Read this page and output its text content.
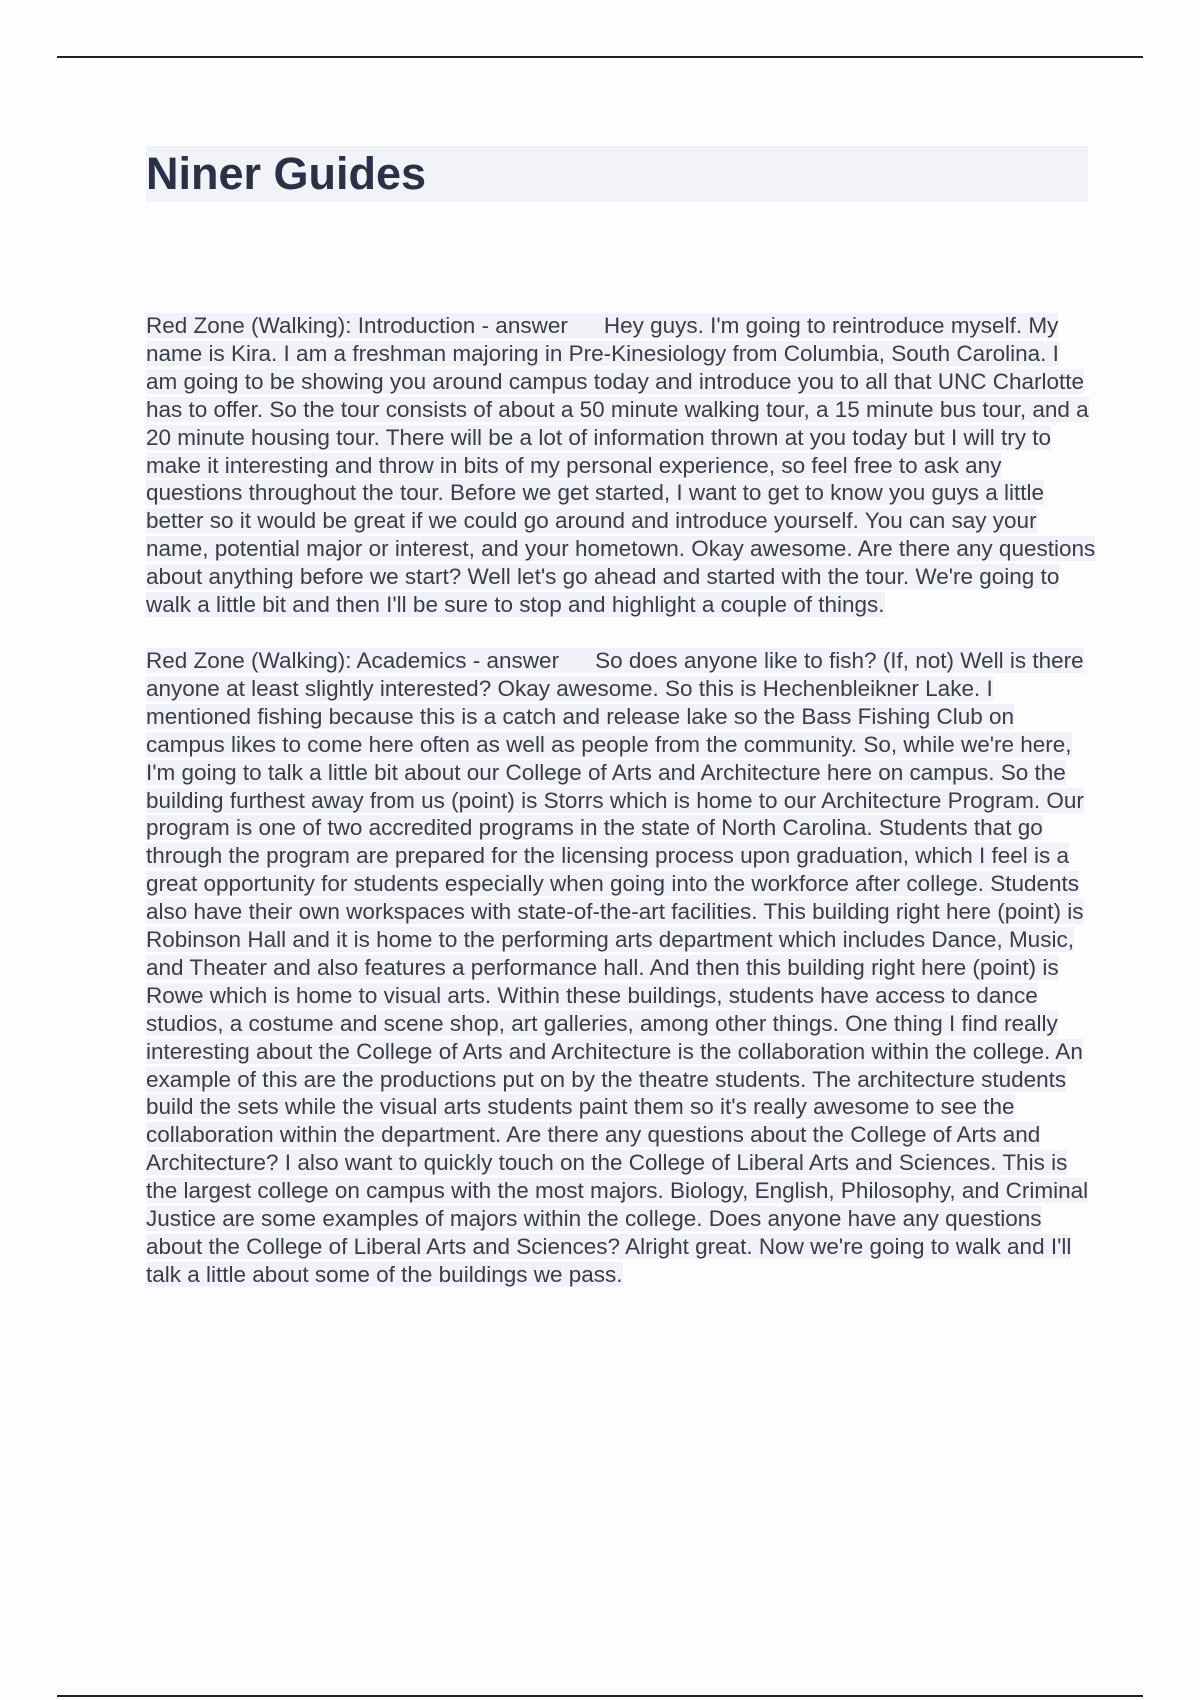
Niner Guides

Red Zone (Walking): Introduction - answer Hey guys. I'm going to reintroduce myself. My name is Kira. I am a freshman majoring in Pre-Kinesiology from Columbia, South Carolina. I am going to be showing you around campus today and introduce you to all that UNC Charlotte has to offer. So the tour consists of about a 50 minute walking tour, a 15 minute bus tour, and a 20 minute housing tour. There will be a lot of information thrown at you today but I will try to make it interesting and throw in bits of my personal experience, so feel free to ask any questions throughout the tour. Before we get started, I want to get to know you guys a little better so it would be great if we could go around and introduce yourself. You can say your name, potential major or interest, and your hometown. Okay awesome. Are there any questions about anything before we start? Well let's go ahead and started with the tour. We're going to walk a little bit and then I'll be sure to stop and highlight a couple of things.

Red Zone (Walking): Academics - answer So does anyone like to fish? (If, not) Well is there anyone at least slightly interested? Okay awesome. So this is Hechenbleikner Lake. I mentioned fishing because this is a catch and release lake so the Bass Fishing Club on campus likes to come here often as well as people from the community. So, while we're here, I'm going to talk a little bit about our College of Arts and Architecture here on campus. So the building furthest away from us (point) is Storrs which is home to our Architecture Program. Our program is one of two accredited programs in the state of North Carolina. Students that go through the program are prepared for the licensing process upon graduation, which I feel is a great opportunity for students especially when going into the workforce after college. Students also have their own workspaces with state-of-the-art facilities. This building right here (point) is Robinson Hall and it is home to the performing arts department which includes Dance, Music, and Theater and also features a performance hall. And then this building right here (point) is Rowe which is home to visual arts. Within these buildings, students have access to dance studios, a costume and scene shop, art galleries, among other things. One thing I find really interesting about the College of Arts and Architecture is the collaboration within the college. An example of this are the productions put on by the theatre students. The architecture students build the sets while the visual arts students paint them so it's really awesome to see the collaboration within the department. Are there any questions about the College of Arts and Architecture? I also want to quickly touch on the College of Liberal Arts and Sciences. This is the largest college on campus with the most majors. Biology, English, Philosophy, and Criminal Justice are some examples of majors within the college. Does anyone have any questions about the College of Liberal Arts and Sciences? Alright great. Now we're going to walk and I'll talk a little about some of the buildings we pass.
